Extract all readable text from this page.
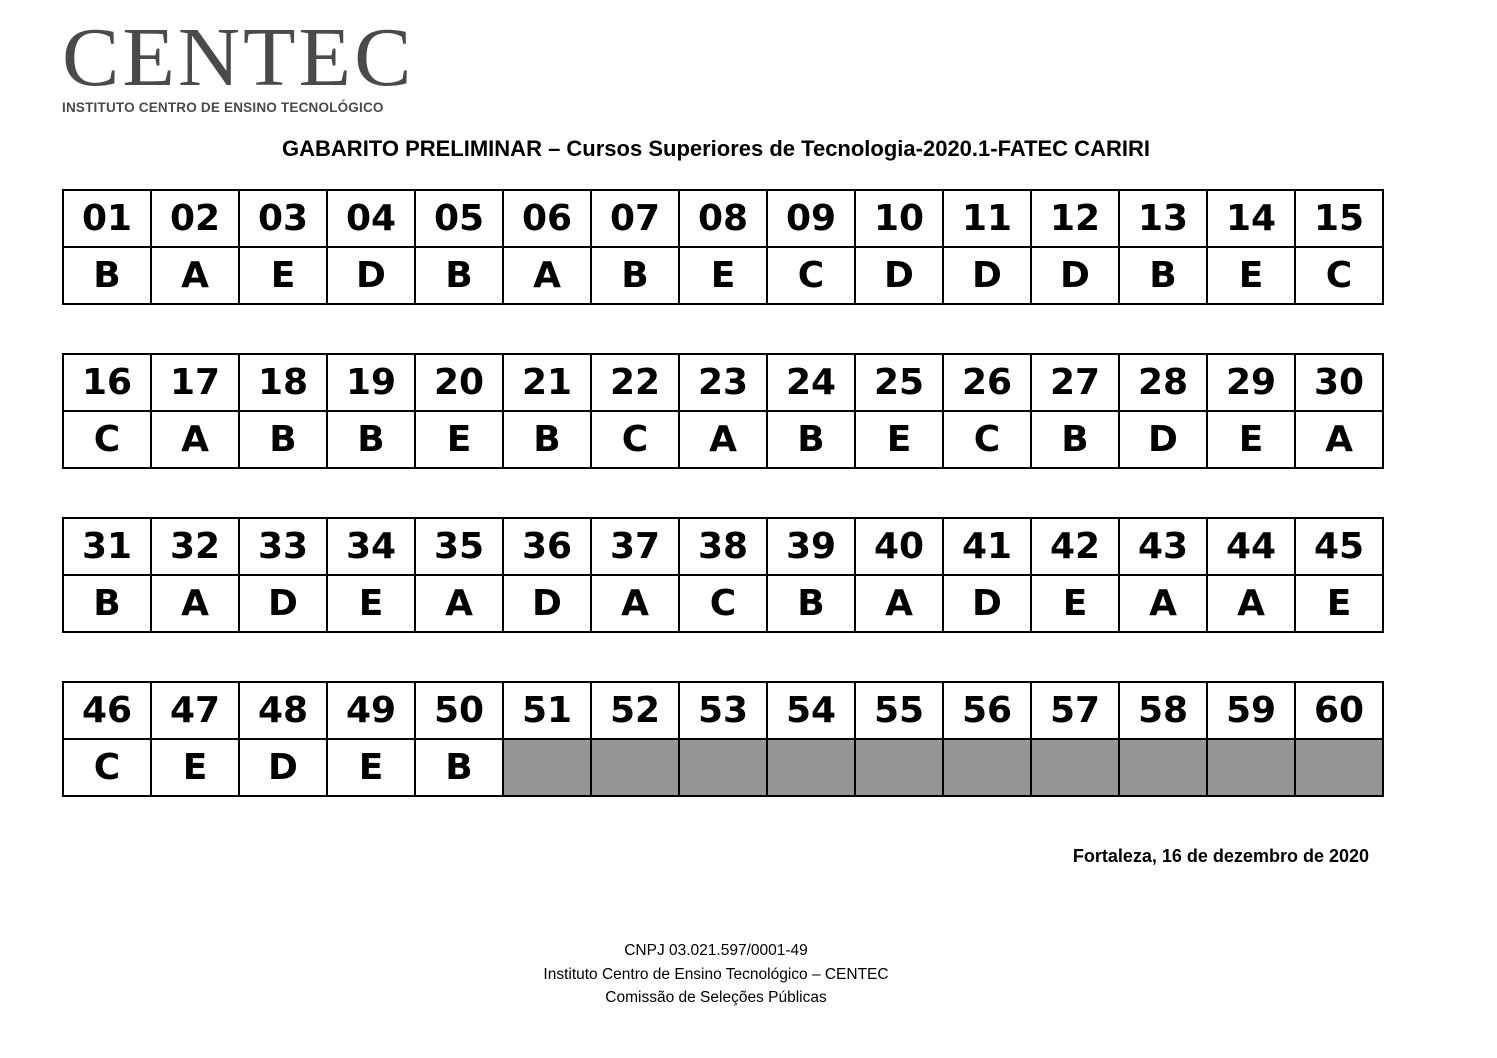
CENTEC
INSTITUTO CENTRO DE ENSINO TECNOLÓGICO
GABARITO PRELIMINAR – Cursos Superiores de Tecnologia-2020.1-FATEC CARIRI
01	02	03	04	05	06	07	08	09	10	11	12	13	14	15
B	A	E	D	B	A	B	E	C	D	D	D	B	E	C
16	17	18	19	20	21	22	23	24	25	26	27	28	29	30
C	A	B	B	E	B	C	A	B	E	C	B	D	E	A
31	32	33	34	35	36	37	38	39	40	41	42	43	44	45
B	A	D	E	A	D	A	C	B	A	D	E	A	A	E
46	47	48	49	50	51	52	53	54	55	56	57	58	59	60
C	E	D	E	B										
Fortaleza, 16 de dezembro de 2020
CNPJ 03.021.597/0001-49
Instituto Centro de Ensino Tecnológico – CENTEC
Comissão de Seleções Públicas
